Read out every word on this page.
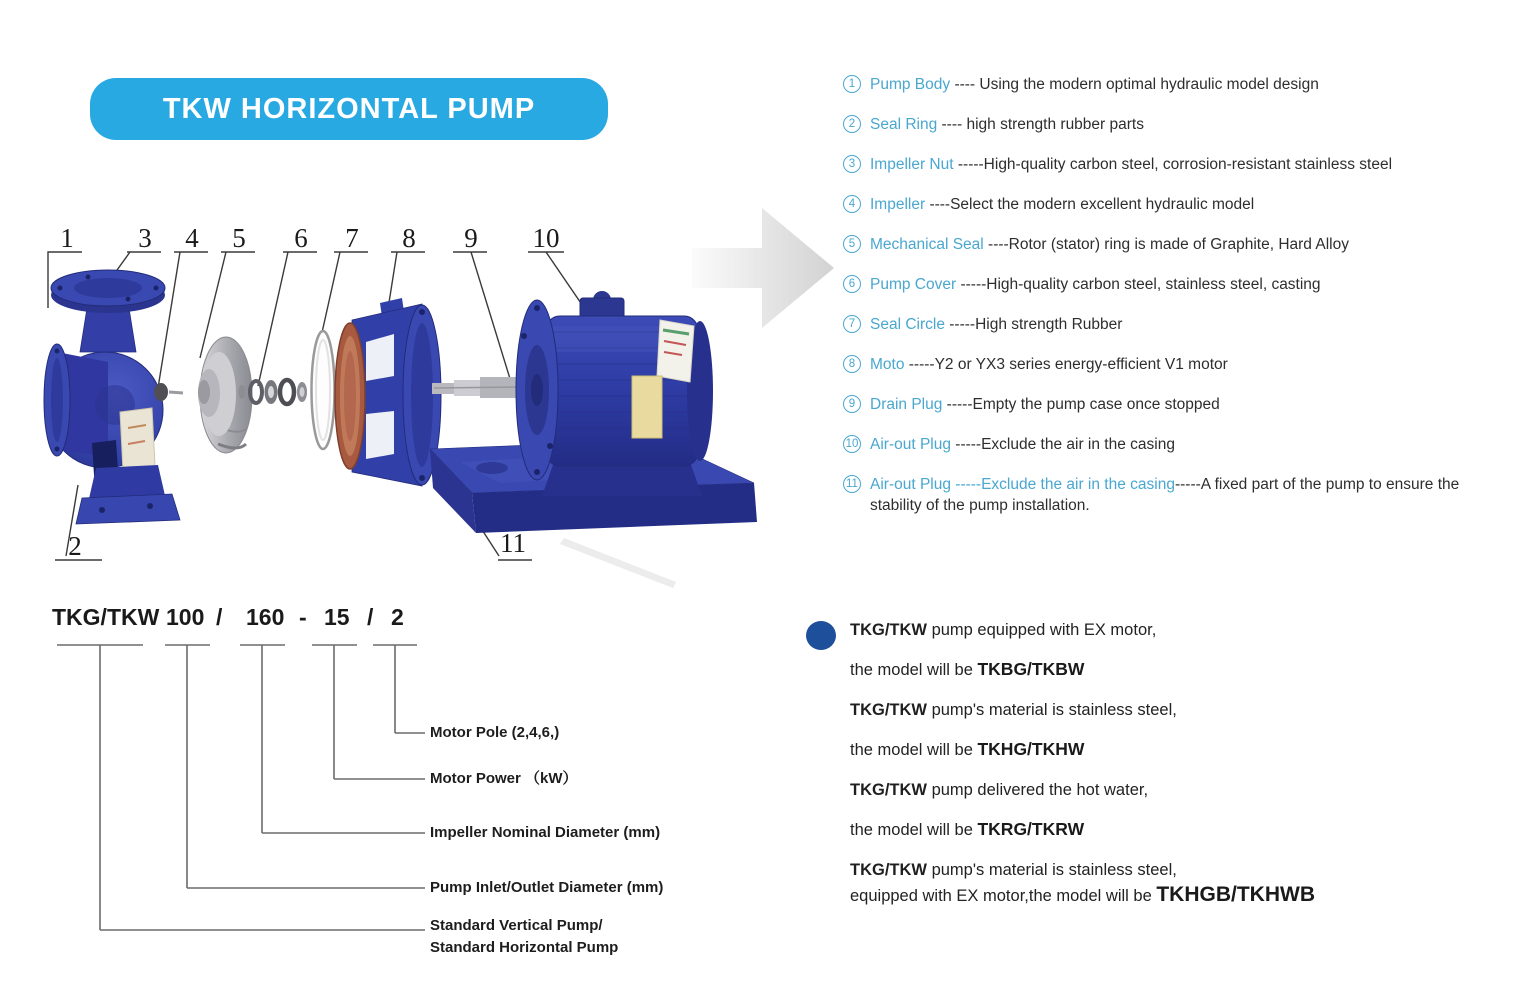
TKW HORIZONTAL PUMP
1 3 4 5 6 7 8 9 10
2	11
1 Pump Body ---- Using the modern optimal hydraulic model design
2 Seal Ring ---- high strength rubber parts
3 Impeller Nut -----High-quality carbon steel, corrosion-resistant stainless steel
4 Impeller ----Select the modern excellent hydraulic model
5 Mechanical Seal ----Rotor (stator) ring is made of Graphite, Hard Alloy
6 Pump Cover -----High-quality carbon steel, stainless steel, casting
7 Seal Circle -----High strength Rubber
8 Moto -----Y2 or YX3 series energy-efficient V1 motor
9 Drain Plug -----Empty the pump case once stopped
10 Air-out Plug -----Exclude the air in the casing
11 Air-out Plug -----Exclude the air in the casing-----A fixed part of the pump to ensure the stability of the pump installation.
TKG/TKW 100 / 160 - 15 / 2
Motor Pole (2,4,6,)
Motor Power （kW）
Impeller Nominal Diameter (mm)
Pump Inlet/Outlet Diameter (mm)
Standard Vertical Pump/
Standard Horizontal Pump
TKG/TKW pump equipped with EX motor,
the model will be TKBG/TKBW
TKG/TKW pump's material is stainless steel,
the model will be TKHG/TKHW
TKG/TKW pump delivered the hot water,
the model will be TKRG/TKRW
TKG/TKW pump's material is stainless steel,
equipped with EX motor,the model will be TKHGB/TKHWB
